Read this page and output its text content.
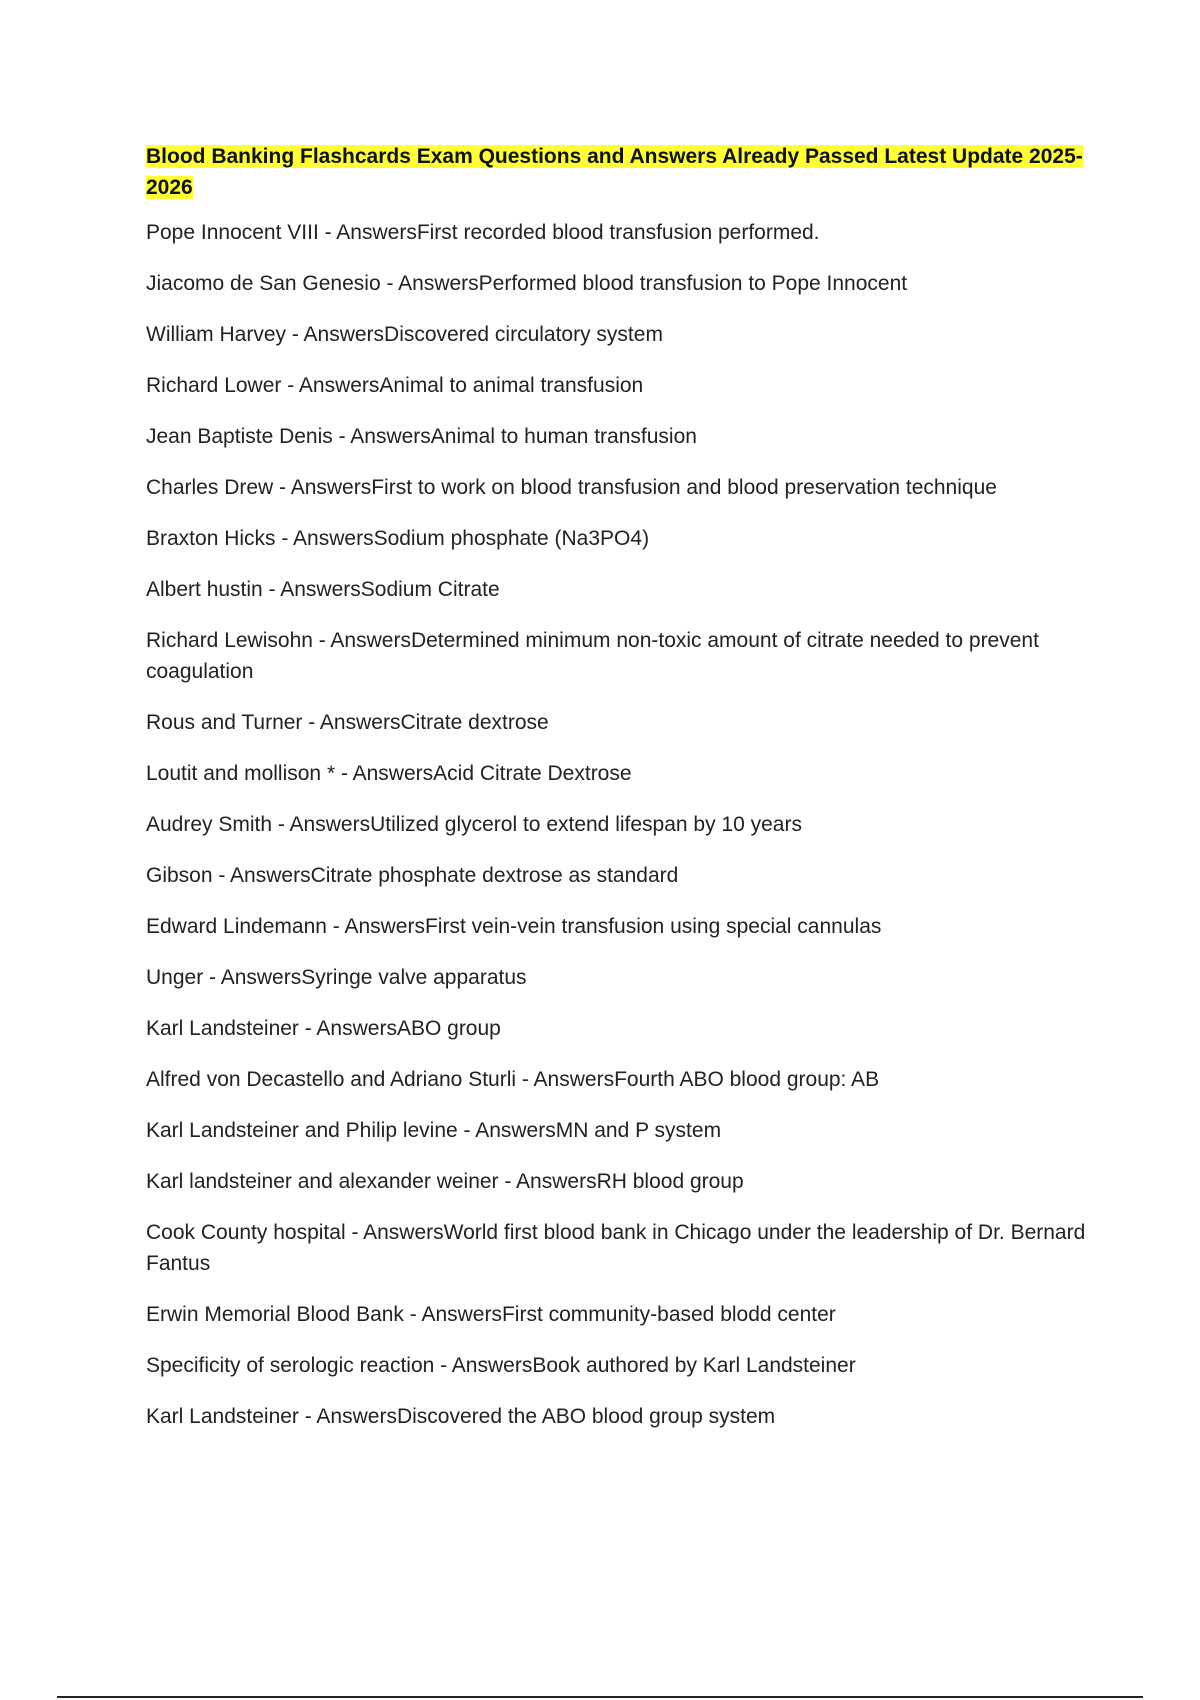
Blood Banking Flashcards Exam Questions and Answers Already Passed Latest Update 2025-2026
Pope Innocent VIII - AnswersFirst recorded blood transfusion performed.
Jiacomo de San Genesio - AnswersPerformed blood transfusion to Pope Innocent
William Harvey - AnswersDiscovered circulatory system
Richard Lower - AnswersAnimal to animal transfusion
Jean Baptiste Denis - AnswersAnimal to human transfusion
Charles Drew - AnswersFirst to work on blood transfusion and blood preservation technique
Braxton Hicks - AnswersSodium phosphate (Na3PO4)
Albert hustin - AnswersSodium Citrate
Richard Lewisohn - AnswersDetermined minimum non-toxic amount of citrate needed to prevent coagulation
Rous and Turner - AnswersCitrate dextrose
Loutit and mollison * - AnswersAcid Citrate Dextrose
Audrey Smith - AnswersUtilized glycerol to extend lifespan by 10 years
Gibson - AnswersCitrate phosphate dextrose as standard
Edward Lindemann - AnswersFirst vein-vein transfusion using special cannulas
Unger - AnswersSyringe valve apparatus
Karl Landsteiner - AnswersABO group
Alfred von Decastello and Adriano Sturli - AnswersFourth ABO blood group: AB
Karl Landsteiner and Philip levine - AnswersMN and P system
Karl landsteiner and alexander weiner - AnswersRH blood group
Cook County hospital - AnswersWorld first blood bank in Chicago under the leadership of Dr. Bernard Fantus
Erwin Memorial Blood Bank - AnswersFirst community-based blodd center
Specificity of serologic reaction - AnswersBook authored by Karl Landsteiner
Karl Landsteiner - AnswersDiscovered the ABO blood group system
